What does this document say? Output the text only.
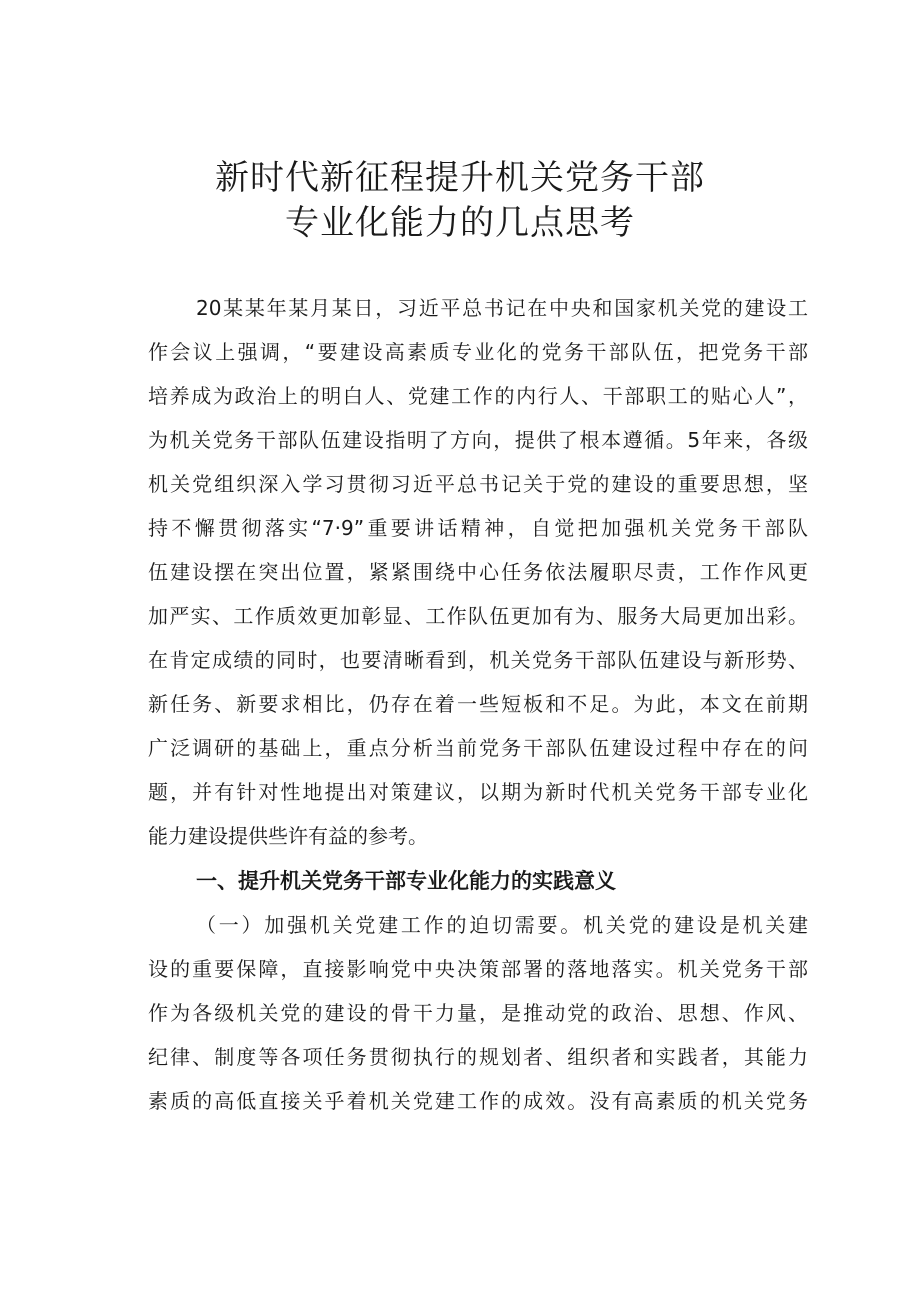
新时代新征程提升机关党务干部
专业化能力的几点思考
20某某年某月某日，习近平总书记在中央和国家机关党的建设工
作会议上强调，“要建设高素质专业化的党务干部队伍，把党务干部
培养成为政治上的明白人、党建工作的内行人、干部职工的贴心人”，
为机关党务干部队伍建设指明了方向，提供了根本遵循。5年来，各级
机关党组织深入学习贯彻习近平总书记关于党的建设的重要思想，坚
持不懈贯彻落实“7·9”重要讲话精神，自觉把加强机关党务干部队
伍建设摆在突出位置，紧紧围绕中心任务依法履职尽责，工作作风更
加严实、工作质效更加彰显、工作队伍更加有为、服务大局更加出彩。
在肯定成绩的同时，也要清晰看到，机关党务干部队伍建设与新形势、
新任务、新要求相比，仍存在着一些短板和不足。为此，本文在前期
广泛调研的基础上，重点分析当前党务干部队伍建设过程中存在的问
题，并有针对性地提出对策建议，以期为新时代机关党务干部专业化
能力建设提供些许有益的参考。
一、提升机关党务干部专业化能力的实践意义
（一）加强机关党建工作的迫切需要。机关党的建设是机关建
设的重要保障，直接影响党中央决策部署的落地落实。机关党务干部
作为各级机关党的建设的骨干力量，是推动党的政治、思想、作风、
纪律、制度等各项任务贯彻执行的规划者、组织者和实践者，其能力
素质的高低直接关乎着机关党建工作的成效。没有高素质的机关党务
